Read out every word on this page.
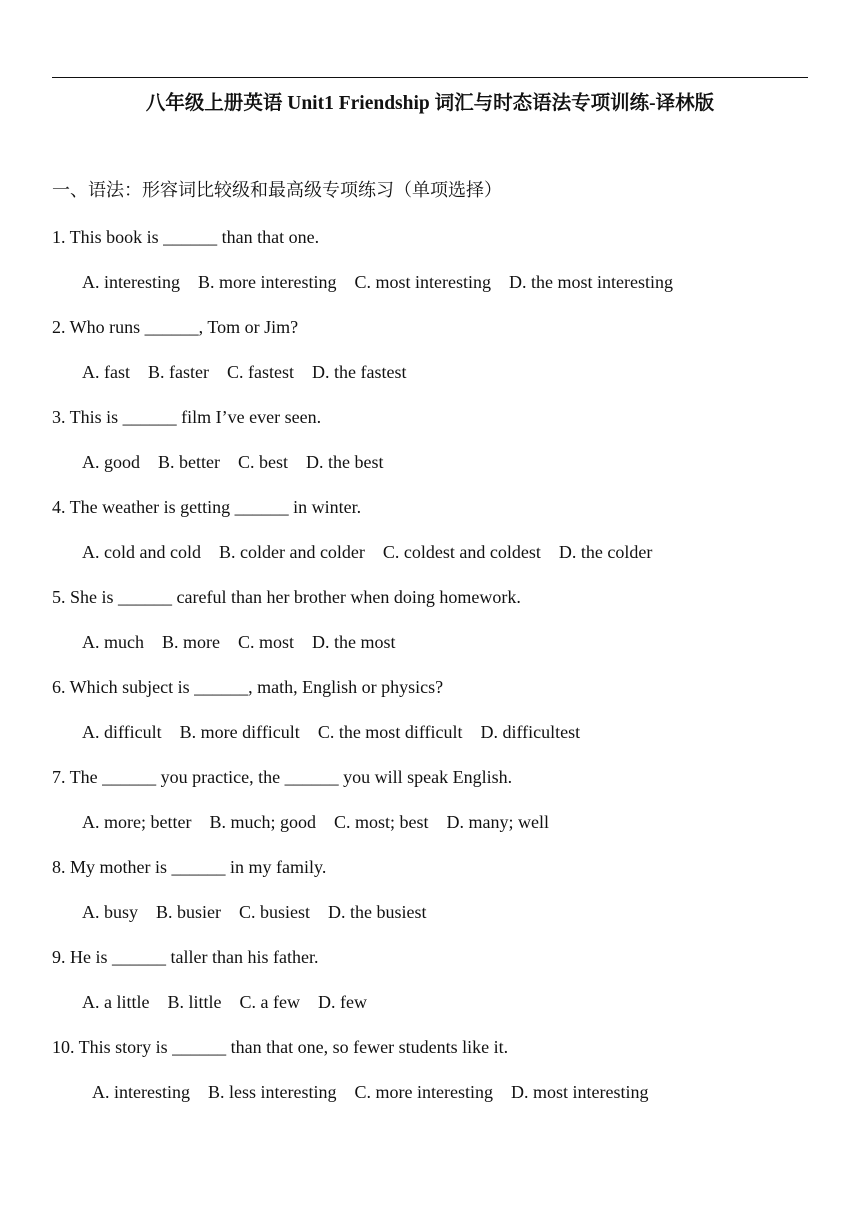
八年级上册英语 Unit1 Friendship 词汇与时态语法专项训练-译林版
一、语法：形容词比较级和最高级专项练习（单项选择）
1. This book is ______ than that one.
A. interesting B. more interesting C. most interesting D. the most interesting
2. Who runs ______, Tom or Jim?
A. fast B. faster C. fastest D. the fastest
3. This is ______ film I’ve ever seen.
A. good B. better C. best D. the best
4. The weather is getting ______ in winter.
A. cold and cold B. colder and colder C. coldest and coldest D. the colder
5. She is ______ careful than her brother when doing homework.
A. much B. more C. most D. the most
6. Which subject is ______, math, English or physics?
A. difficult B. more difficult C. the most difficult D. difficultest
7. The ______ you practice, the ______ you will speak English.
A. more; better B. much; good C. most; best D. many; well
8. My mother is ______ in my family.
A. busy B. busier C. busiest D. the busiest
9. He is ______ taller than his father.
A. a little B. little C. a few D. few
10. This story is ______ than that one, so fewer students like it.
A. interesting B. less interesting C. more interesting D. most interesting
